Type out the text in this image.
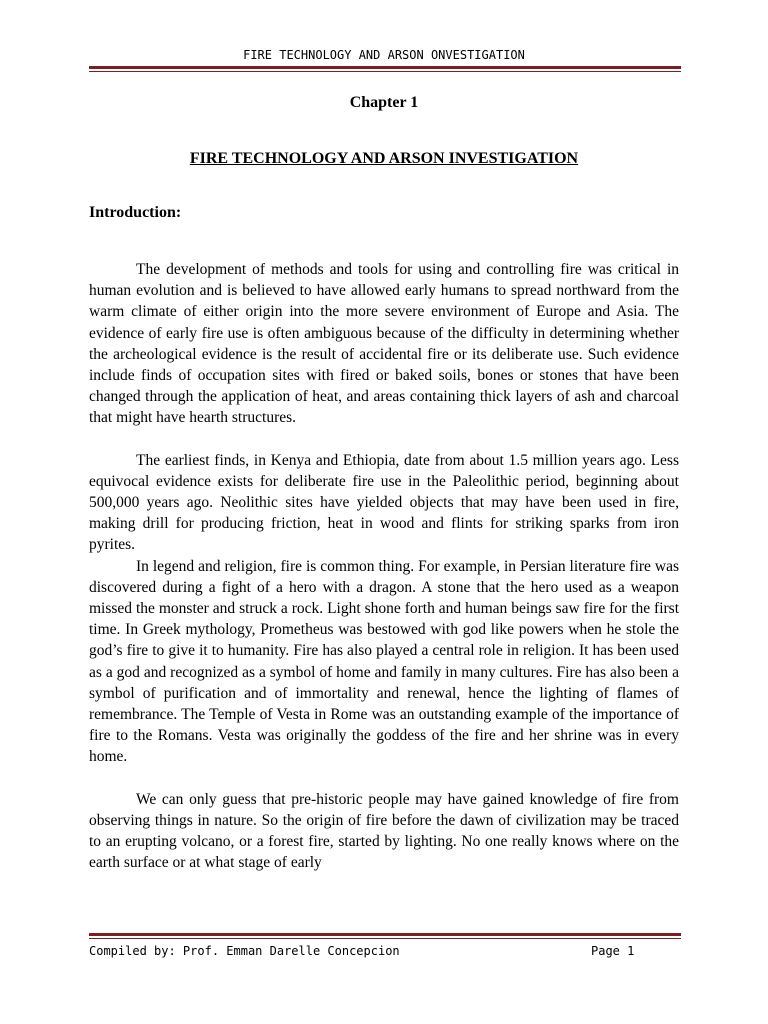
FIRE TECHNOLOGY AND ARSON ONVESTIGATION
Chapter 1
FIRE TECHNOLOGY AND ARSON INVESTIGATION
Introduction:

The development of methods and tools for using and controlling fire was critical in human evolution and is believed to have allowed early humans to spread northward from the warm climate of either origin into the more severe environment of Europe and Asia. The evidence of early fire use is often ambiguous because of the difficulty in determining whether the archeological evidence is the result of accidental fire or its deliberate use. Such evidence include finds of occupation sites with fired or baked soils, bones or stones that have been changed through the application of heat, and areas containing thick layers of ash and charcoal that might have hearth structures.

The earliest finds, in Kenya and Ethiopia, date from about 1.5 million years ago. Less equivocal evidence exists for deliberate fire use in the Paleolithic period, beginning about 500,000 years ago. Neolithic sites have yielded objects that may have been used in fire, making drill for producing friction, heat in wood and flints for striking sparks from iron pyrites.

In legend and religion, fire is common thing. For example, in Persian literature fire was discovered during a fight of a hero with a dragon. A stone that the hero used as a weapon missed the monster and struck a rock. Light shone forth and human beings saw fire for the first time. In Greek mythology, Prometheus was bestowed with god like powers when he stole the god’s fire to give it to humanity. Fire has also played a central role in religion. It has been used as a god and recognized as a symbol of home and family in many cultures. Fire has also been a symbol of purification and of immortality and renewal, hence the lighting of flames of remembrance. The Temple of Vesta in Rome was an outstanding example of the importance of fire to the Romans. Vesta was originally the goddess of the fire and her shrine was in every home.

We can only guess that pre-historic people may have gained knowledge of fire from observing things in nature. So the origin of fire before the dawn of civilization may be traced to an erupting volcano, or a forest fire, started by lighting. No one really knows where on the earth surface or at what stage of early

Compiled by: Prof. Emman Darelle Concepcion	Page 1
